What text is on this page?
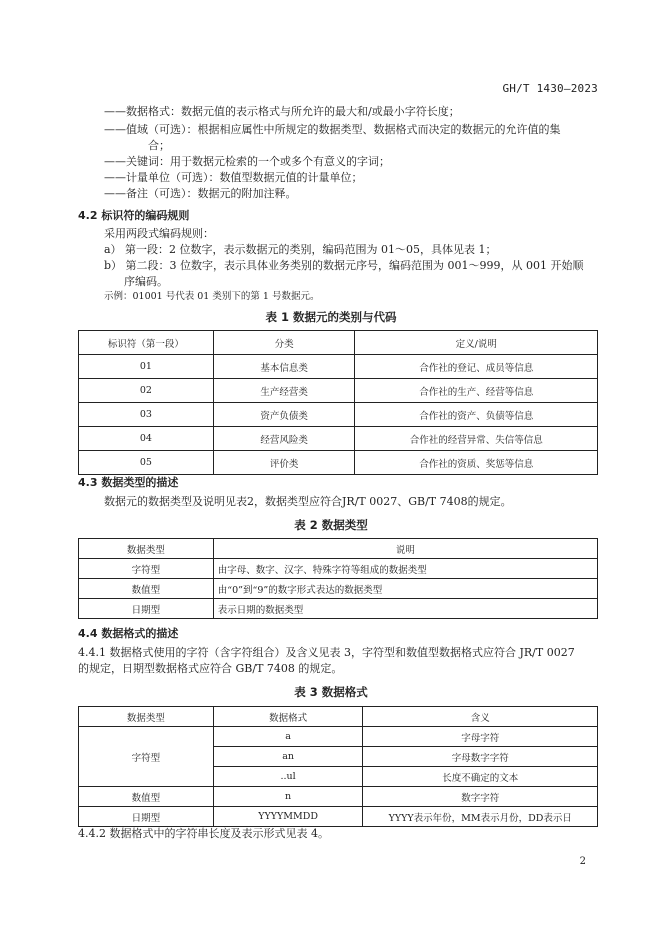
GH/T 1430—2023
——数据格式：数据元值的表示格式与所允许的最大和/或最小字符长度；
——值域（可选）：根据相应属性中所规定的数据类型、数据格式而决定的数据元的允许值的集
合；
——关键词：用于数据元检索的一个或多个有意义的字词；
——计量单位（可选）：数值型数据元值的计量单位；
——备注（可选）：数据元的附加注释。
4.2 标识符的编码规则
采用两段式编码规则：
a） 第一段：2 位数字，表示数据元的类别，编码范围为 01～05，具体见表 1；
b） 第二段：3 位数字，表示具体业务类别的数据元序号，编码范围为 001～999，从 001 开始顺
序编码。
示例：01001 号代表 01 类别下的第 1 号数据元。
表 1 数据元的类别与代码
标识符（第一段）	分类	定义/说明
01	基本信息类	合作社的登记、成员等信息
02	生产经营类	合作社的生产、经营等信息
03	资产负债类	合作社的资产、负债等信息
04	经营风险类	合作社的经营异常、失信等信息
05	评价类	合作社的资质、奖惩等信息
4.3 数据类型的描述
数据元的数据类型及说明见表2，数据类型应符合JR/T 0027、GB/T 7408的规定。
表 2 数据类型
数据类型	说明
字符型	由字母、数字、汉字、特殊字符等组成的数据类型
数值型	由“0”到“9”的数字形式表达的数据类型
日期型	表示日期的数据类型
4.4 数据格式的描述
4.4.1 数据格式使用的字符（含字符组合）及含义见表 3，字符型和数值型数据格式应符合 JR/T 0027
的规定，日期型数据格式应符合 GB/T 7408 的规定。
表 3 数据格式
数据类型	数据格式	含义
字符型	a	字母字符
	an	字母数字字符
	..ul	长度不确定的文本
数值型	n	数字字符
日期型	YYYYMMDD	YYYY表示年份，MM表示月份，DD表示日
4.4.2 数据格式中的字符串长度及表示形式见表 4。
2
